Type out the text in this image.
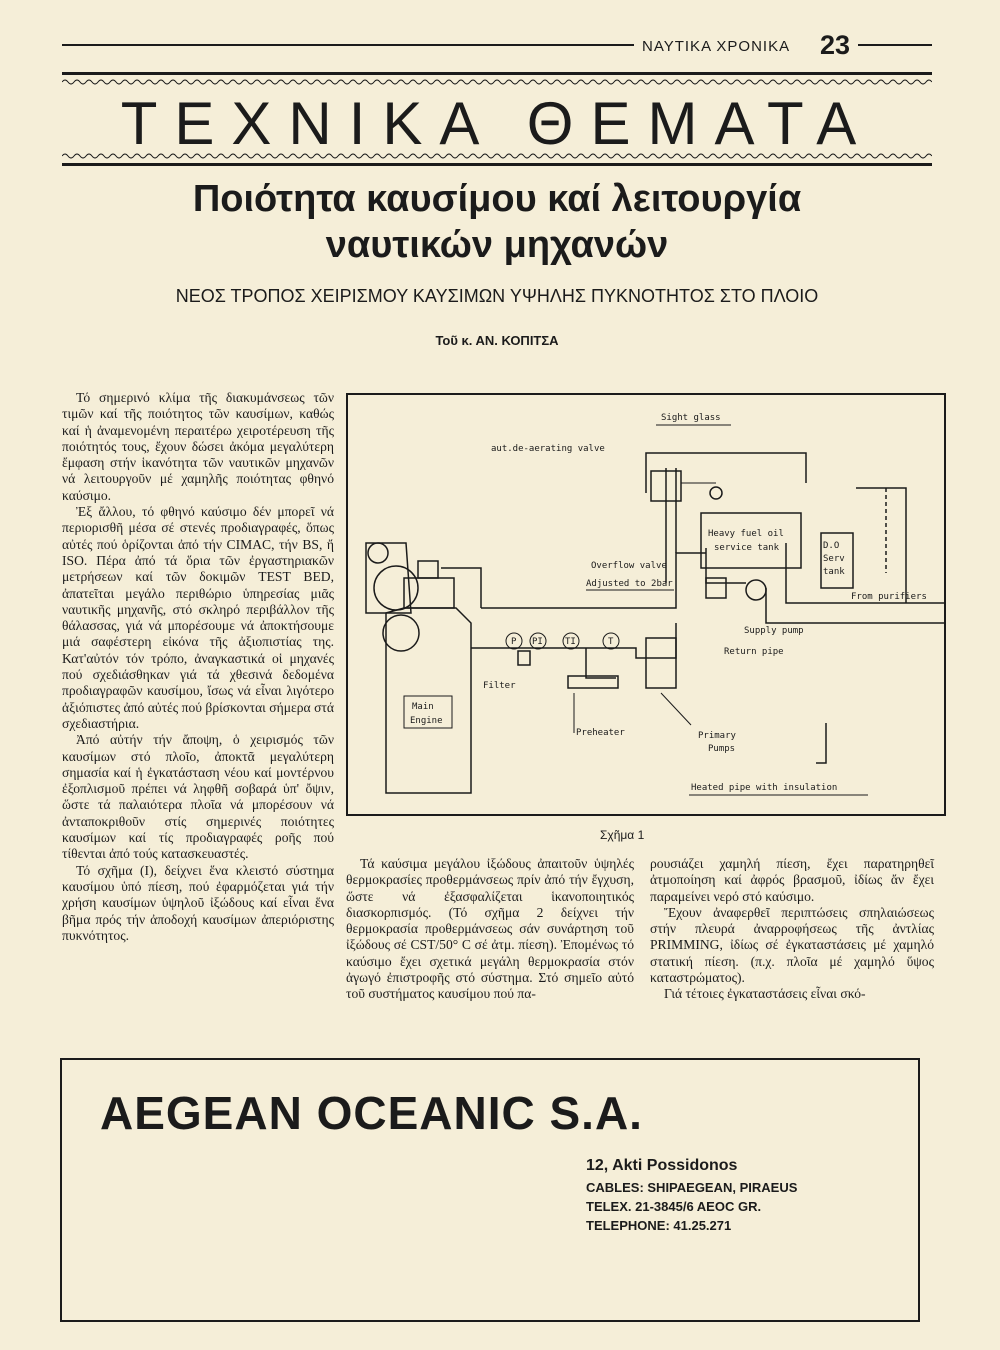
ΝΑΥΤΙΚΑ ΧΡΟΝΙΚΑ 23
ΤΕΧΝΙΚΑ ΘΕΜΑΤΑ
Ποιότητα καυσίμου καί λειτουργία
ναυτικών μηχανών
ΝΕΟΣ ΤΡΟΠΟΣ ΧΕΙΡΙΣΜΟΥ ΚΑΥΣΙΜΩΝ ΥΨΗΛΗΣ ΠΥΚΝΟΤΗΤΟΣ ΣΤΟ ΠΛΟΙΟ
Τοῦ κ. ΑΝ. ΚΟΠΙΤΣΑ

Τό σημερινό κλίμα τῆς διακυμάνσεως τῶν τιμῶν καί τῆς ποιότητος τῶν καυσίμων, καθώς καί ἡ ἀναμενομένη περαιτέρω χειροτέρευση τῆς ποιότητός τους, ἔχουν δώσει ἀκόμα μεγαλύτερη ἔμφαση στήν ἱκανότητα τῶν ναυτικῶν μηχανῶν νά λειτουργοῦν μέ χαμηλῆς ποιότητας φθηνό καύσιμο.

Ἐξ ἄλλου, τό φθηνό καύσιμο δέν μπορεῖ νά περιορισθῆ μέσα σέ στενές προδιαγραφές, ὅπως αὐτές πού ὁρίζονται ἀπό τήν CIMAC, τήν BS, ἤ ISO. Πέρα ἀπό τά ὅρια τῶν ἐργαστηριακῶν μετρήσεων καί τῶν δοκιμῶν TEST BED, ἀπατεῖται μεγάλο περιθώριο ὑπηρεσίας μιᾶς ναυτικῆς μηχανῆς, στό σκληρό περιβάλλον τῆς θάλασσας, γιά νά μπορέσουμε νά ἀποκτήσουμε μιά σαφέστερη εἰκόνα τῆς ἀξιοπιστίας της. Κατ'αὐτόν τόν τρόπο, ἀναγκαστικά οἱ μηχανές πού σχεδιάσθηκαν γιά τά χθεσινά δεδομένα προδιαγραφῶν καυσίμου, ἴσως νά εἶναι λιγότερο ἀξιόπιστες ἀπό αὐτές πού βρίσκονται σήμερα στά σχεδιαστήρια.

Ἀπό αὐτήν τήν ἄποψη, ὁ χειρισμός τῶν καυσίμων στό πλοῖο, ἀποκτᾶ μεγαλύτερη σημασία καί ἡ ἐγκατάσταση νέου καί μοντέρνου ἐξοπλισμοῦ πρέπει νά ληφθῆ σοβαρά ὑπ' ὄψιν, ὥστε τά παλαιότερα πλοῖα νά μπορέσουν νά ἀνταποκριθοῦν στίς σημερινές ποιότητες καυσίμων καί τίς προδιαγραφές ροῆς πού τίθενται ἀπό τούς κατασκευαστές.

Τό σχῆμα (Ι), δείχνει ἕνα κλειστό σύστημα καυσίμου ὑπό πίεση, πού ἐφαρμόζεται γιά τήν χρήση καυσίμων ὑψηλοῦ ἰξώδους καί εἶναι ἕνα βῆμα πρός τήν ἀποδοχή καυσίμων ἀπεριόριστης πυκνότητος.

Main
Engine
Heavy fuel oil
service tank	D.O
Serv
tank
Sight glass
aut.de-aerating valve
Overflow valve
Adjusted to 2bar
Supply pump
Return pipe
From purifiers
P PI TI	T
Filter
Preheater	Primary
Pumps
Heated pipe with insulation
Σχῆμα 1

Τά καύσιμα μεγάλου ἰξώδους ἀπαιτοῦν ὑψηλές θερμοκρασίες προθερμάνσεως πρίν ἀπό τήν ἔγχυση, ὥστε νά ἐξασφαλίζεται ἱκανοποιητικός διασκορπισμός. (Τό σχῆμα 2 δείχνει τήν θερμοκρασία προθερμάνσεως σάν συνάρτηση τοῦ ἰξώδους σέ CST/50° C σέ ἀτμ. πίεση). Ἐπομένως τό καύσιμο ἔχει σχετικά μεγάλη θερμοκρασία στόν ἀγωγό ἐπιστροφῆς στό σύστημα. Στό σημεῖο αὐτό τοῦ συστήματος καυσίμου πού πα-

ρουσιάζει χαμηλή πίεση, ἔχει παρατηρηθεῖ ἀτμοποίηση καί ἀφρός βρασμοῦ, ἰδίως ἄν ἔχει παραμείνει νερό στό καύσιμο.

Ἔχουν ἀναφερθεῖ περιπτώσεις σπηλαιώσεως στήν πλευρά ἀναρροφήσεως τῆς ἀντλίας PRIMMING, ἰδίως σέ ἐγκαταστάσεις μέ χαμηλό στατική πίεση. (π.χ. πλοῖα μέ χαμηλό ὕψος καταστρώματος).

Γιά τέτοιες ἐγκαταστάσεις εἶναι σκό-

AEGEAN OCEANIC S.A.
12, Akti Possidonos
CABLES: SHIPAEGEAN, PIRAEUS
TELEX. 21-3845/6 AEOC GR.
TELEPHONE: 41.25.271
